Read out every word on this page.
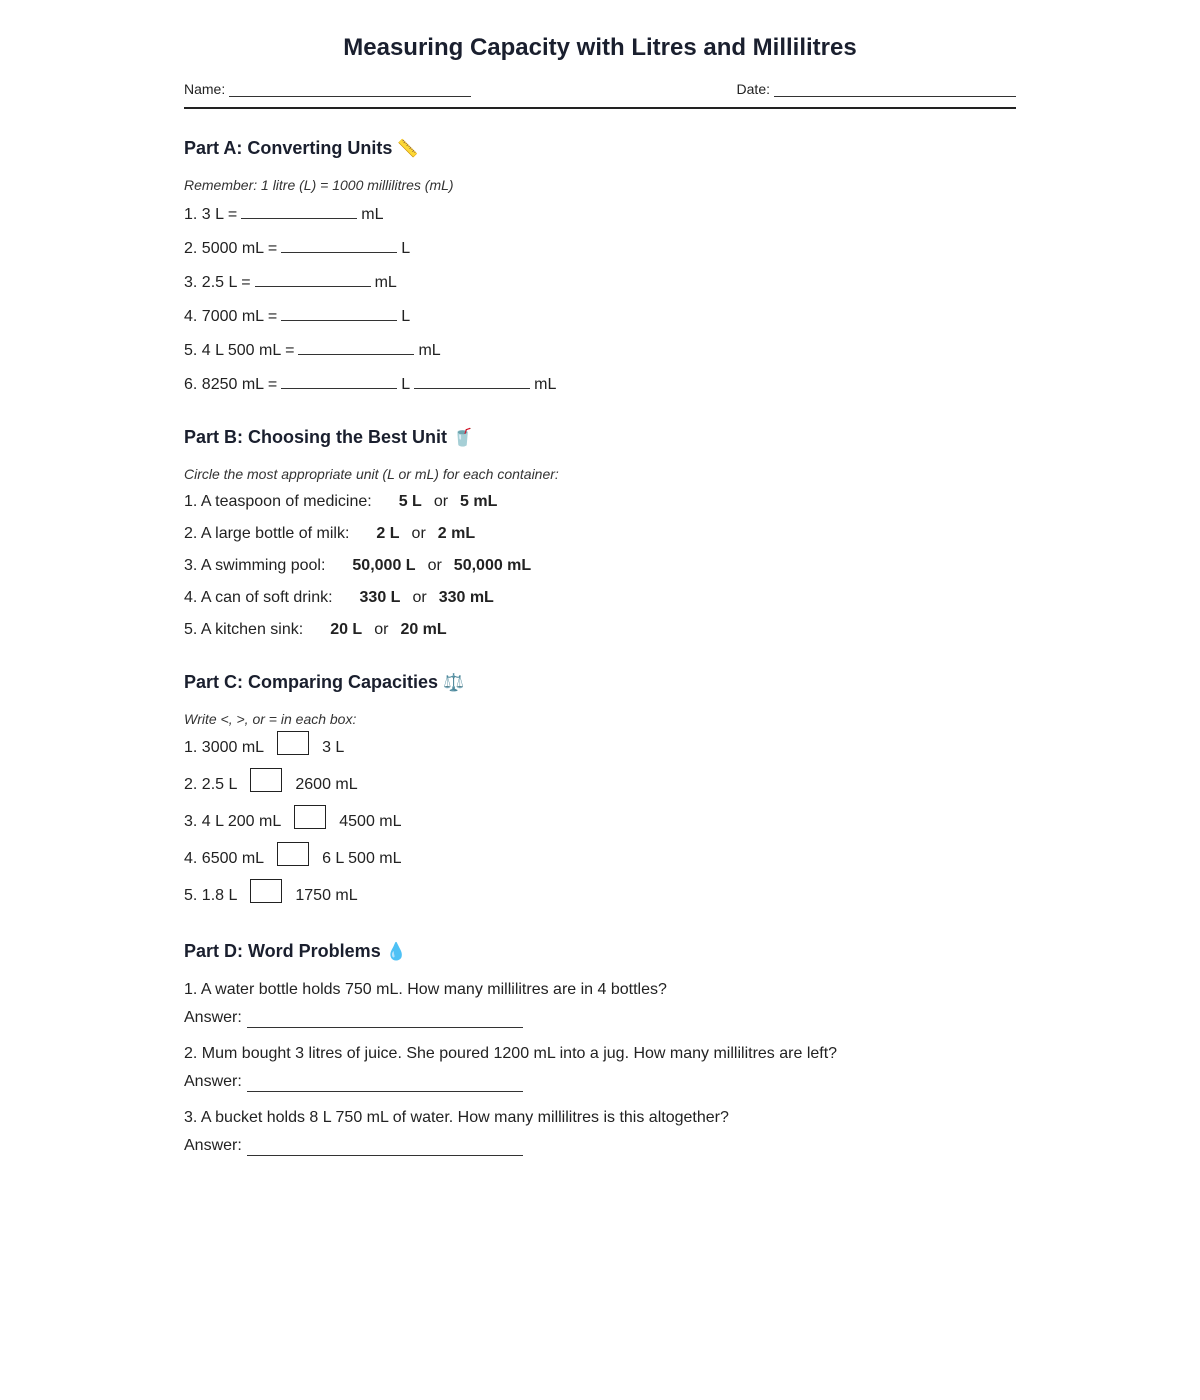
Measuring Capacity with Litres and Millilitres
Name:	Date:
Part A: Converting Units 📏
Remember: 1 litre (L) = 1000 millilitres (mL)
1. 3 L =	mL
2. 5000 mL =	L
3. 2.5 L =	mL
4. 7000 mL =	L
5. 4 L 500 mL =	mL
6. 8250 mL =	L	mL
Part B: Choosing the Best Unit 🥤
Circle the most appropriate unit (L or mL) for each container:
1. A teaspoon of medicine: 5 L or 5 mL
2. A large bottle of milk: 2 L or 2 mL
3. A swimming pool: 50,000 L or 50,000 mL
4. A can of soft drink: 330 L or 330 mL
5. A kitchen sink: 20 L or 20 mL
Part C: Comparing Capacities ⚖️
Write <, >, or = in each box:
1. 3000 mL	3 L
2. 2.5 L	2600 mL
3. 4 L 200 mL	4500 mL
4. 6500 mL	6 L 500 mL
5. 1.8 L	1750 mL
Part D: Word Problems 💧
1. A water bottle holds 750 mL. How many millilitres are in 4 bottles?
Answer:
2. Mum bought 3 litres of juice. She poured 1200 mL into a jug. How many millilitres are left?
Answer:
3. A bucket holds 8 L 750 mL of water. How many millilitres is this altogether?
Answer:
